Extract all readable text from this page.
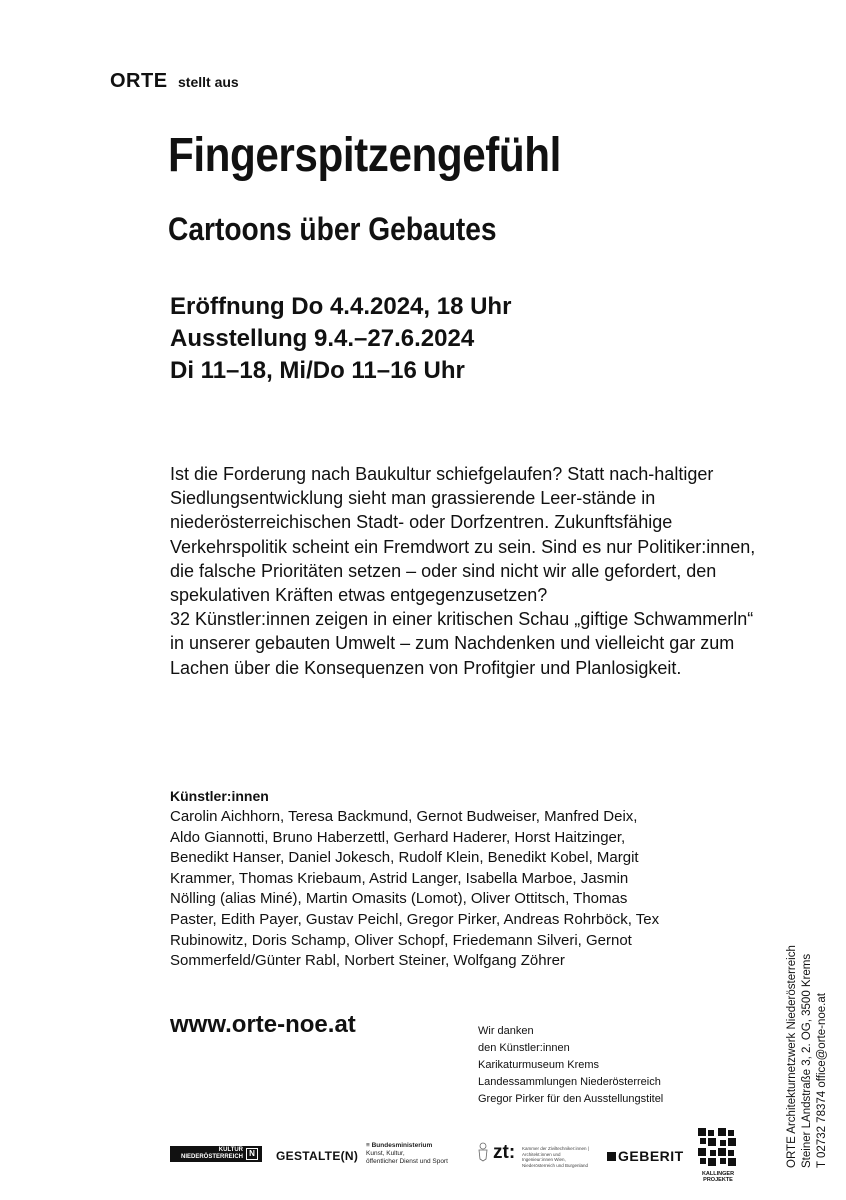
ORTE stellt aus
Fingerspitzengefühl
Cartoons über Gebautes
Eröffnung Do 4.4.2024, 18 Uhr
Ausstellung 9.4.–27.6.2024
Di 11–18, Mi/Do 11–16 Uhr

Ist die Forderung nach Baukultur schiefgelaufen? Statt nach-haltiger Siedlungsentwicklung sieht man grassierende Leer-stände in niederösterreichischen Stadt- oder Dorfzentren. Zukunftsfähige Verkehrspolitik scheint ein Fremdwort zu sein. Sind es nur Politiker:innen, die falsche Prioritäten setzen – oder sind nicht wir alle gefordert, den spekulativen Kräften etwas entgegenzusetzen?

32 Künstler:innen zeigen in einer kritischen Schau „giftige Schwammerln“ in unserer gebauten Umwelt – zum Nachdenken und vielleicht gar zum Lachen über die Konsequenzen von Profitgier und Planlosigkeit.

Künstler:innen

Carolin Aichhorn, Teresa Backmund, Gernot Budweiser, Manfred Deix, Aldo Giannotti, Bruno Haberzettl, Gerhard Haderer, Horst Haitzinger, Benedikt Hanser, Daniel Jokesch, Rudolf Klein, Benedikt Kobel, Margit Krammer, Thomas Kriebaum, Astrid Langer, Isabella Marboe, Jasmin Nölling (alias Miné), Martin Omasits (Lomot), Oliver Ottitsch, Thomas Paster, Edith Payer, Gustav Peichl, Gregor Pirker, Andreas Rohrböck, Tex Rubinowitz, Doris Schamp, Oliver Schopf, Friedemann Silveri, Gernot Sommerfeld/Günter Rabl, Norbert Steiner, Wolfgang Zöhrer

www.orte-noe.at	Wir danken
den Künstler:innen
Karikaturmuseum Krems
Landessammlungen Niederösterreich
Gregor Pirker für den Ausstellungstitel	ORTE Architekturnetzwerk Niederösterreich Steiner LAndstraße 3, 2. OG, 3500 Krems T 02732 78374 office@orte-noe.at
KULTUR
NIEDERÖSTERREICH N GESTALTE(N)
≡ Bundesministerium
Kunst, Kultur,
öffentlicher Dienst und Sport zt: Kammer der Ziviltechniker:innen | Architekt:innen und Ingenieur:innen Wien, Niederösterreich und Burgenland
GEBERIT
KALLINGER
PROJEKTE
